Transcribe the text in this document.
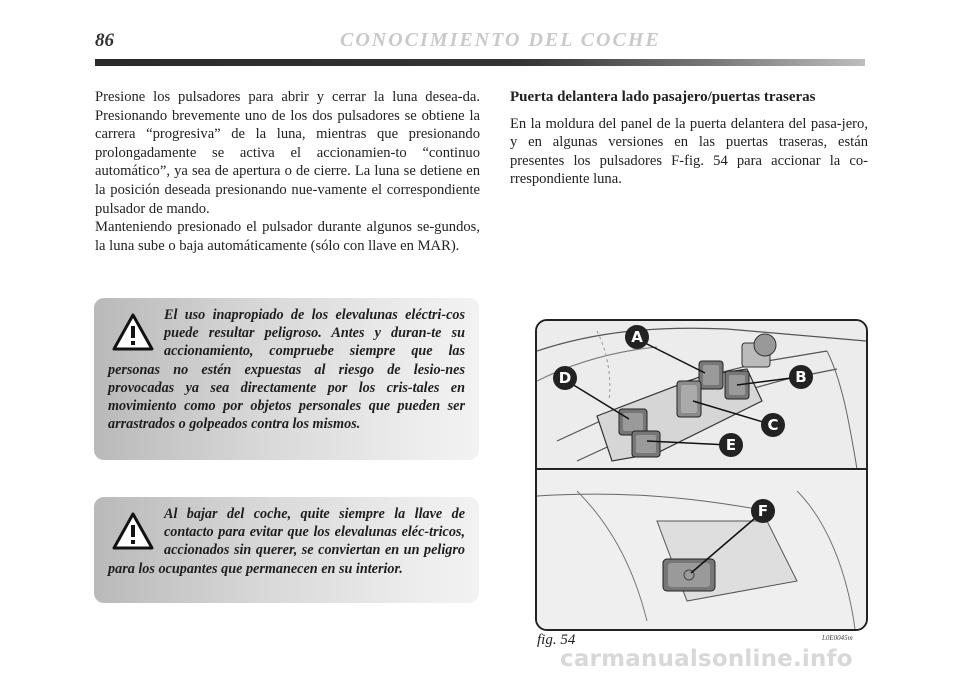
86	CONOCIMIENTO DEL COCHE

Presione los pulsadores para abrir y cerrar la luna desea-da. Presionando brevemente uno de los dos pulsadores se obtiene la carrera “progresiva” de la luna, mientras que presionando prolongadamente se activa el accionamien-to “continuo automático”, ya sea de apertura o de cierre. La luna se detiene en la posición deseada presionando nue-vamente el correspondiente pulsador de mando.

Manteniendo presionado el pulsador durante algunos se-gundos, la luna sube o baja automáticamente (sólo con llave en MAR).

El uso inapropiado de los elevalunas eléctri-cos puede resultar peligroso. Antes y duran-te su accionamiento, compruebe siempre que las personas no estén expuestas al riesgo de lesio-nes provocadas ya sea directamente por los cris-tales en movimiento como por objetos personales que pueden ser arrastrados o golpeados contra los mismos.

Al bajar del coche, quite siempre la llave de contacto para evitar que los elevalunas eléc-tricos, accionados sin querer, se conviertan en un peligro para los ocupantes que permanecen en su interior.

Puerta delantera lado pasajero/puertas traseras

En la moldura del panel de la puerta delantera del pasa-jero, y en algunas versiones en las puertas traseras, están presentes los pulsadores F-fig. 54 para accionar la co-rrespondiente luna.

A
B
C
D
E
F
fig. 54	L0E0045m
carmanualsonline.info
